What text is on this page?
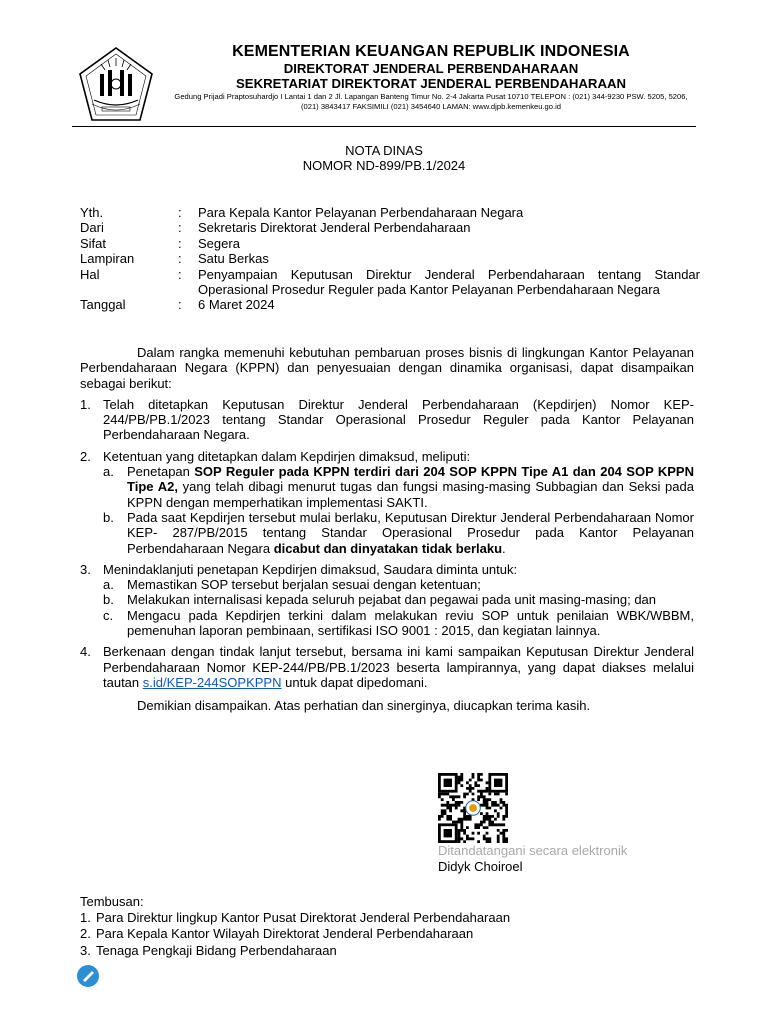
KEMENTERIAN KEUANGAN REPUBLIK INDONESIA
DIREKTORAT JENDERAL PERBENDAHARAAN
SEKRETARIAT DIREKTORAT JENDERAL PERBENDAHARAAN
Gedung Prijadi Praptosuhardjo I Lantai 1 dan 2 Jl. Lapangan Banteng Timur No. 2-4 Jakarta Pusat 10710 TELEPON : (021) 344-9230 PSW. 5205, 5206, (021) 3843417 FAKSIMILI (021) 3454640 LAMAN: www.djpb.kemenkeu.go.id
NOTA DINAS
NOMOR ND-899/PB.1/2024
Yth.	:	Para Kepala Kantor Pelayanan Perbendaharaan Negara
Dari	:	Sekretaris Direktorat Jenderal Perbendaharaan
Sifat	:	Segera
Lampiran	:	Satu Berkas
Hal	:	Penyampaian Keputusan Direktur Jenderal Perbendaharaan tentang Standar Operasional Prosedur Reguler pada Kantor Pelayanan Perbendaharaan Negara
Tanggal	:	6 Maret 2024

Dalam rangka memenuhi kebutuhan pembaruan proses bisnis di lingkungan Kantor Pelayanan Perbendaharaan Negara (KPPN) dan penyesuaian dengan dinamika organisasi, dapat disampaikan sebagai berikut:

1. Telah ditetapkan Keputusan Direktur Jenderal Perbendaharaan (Kepdirjen) Nomor KEP-244/PB/PB.1/2023 tentang Standar Operasional Prosedur Reguler pada Kantor Pelayanan Perbendaharaan Negara.
2. Ketentuan yang ditetapkan dalam Kepdirjen dimaksud, meliputi:
a.	Penetapan SOP Reguler pada KPPN terdiri dari 204 SOP KPPN Tipe A1 dan 204 SOP KPPN Tipe A2, yang telah dibagi menurut tugas dan fungsi masing-masing Subbagian dan Seksi pada KPPN dengan memperhatikan implementasi SAKTI.
b.	Pada saat Kepdirjen tersebut mulai berlaku, Keputusan Direktur Jenderal Perbendaharaan Nomor KEP- 287/PB/2015 tentang Standar Operasional Prosedur pada Kantor Pelayanan Perbendaharaan Negara dicabut dan dinyatakan tidak berlaku.
3. Menindaklanjuti penetapan Kepdirjen dimaksud, Saudara diminta untuk:
a.	Memastikan SOP tersebut berjalan sesuai dengan ketentuan;
b.	Melakukan internalisasi kepada seluruh pejabat dan pegawai pada unit masing-masing; dan
c.	Mengacu pada Kepdirjen terkini dalam melakukan reviu SOP untuk penilaian WBK/WBBM, pemenuhan laporan pembinaan, sertifikasi ISO 9001 : 2015, dan kegiatan lainnya.
4. Berkenaan dengan tindak lanjut tersebut, bersama ini kami sampaikan Keputusan Direktur Jenderal Perbendaharaan Nomor KEP-244/PB/PB.1/2023 beserta lampirannya, yang dapat diakses melalui tautan s.id/KEP-244SOPKPPN untuk dapat dipedomani.
Demikian disampaikan. Atas perhatian dan sinerginya, diucapkan terima kasih.
Ditandatangani secara elektronik
Didyk Choiroel
Tembusan:
1. Para Direktur lingkup Kantor Pusat Direktorat Jenderal Perbendaharaan
2. Para Kepala Kantor Wilayah Direktorat Jenderal Perbendaharaan
3. Tenaga Pengkaji Bidang Perbendaharaan
